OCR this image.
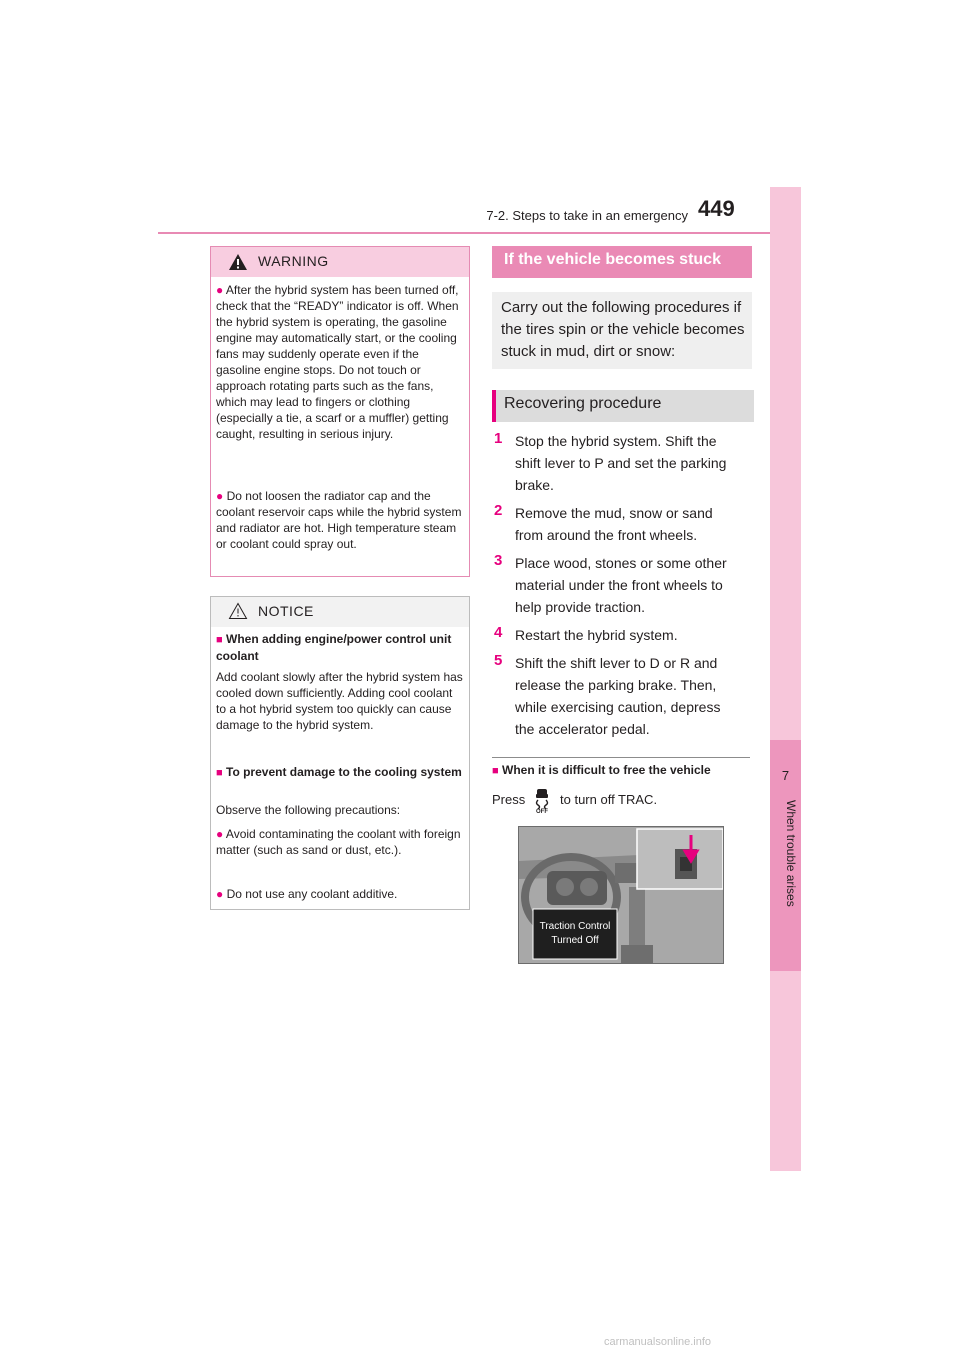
7-2. Steps to take in an emergency 449
7
When trouble arises
WARNING
● After the hybrid system has been turned off, check that the “READY” indicator is off. When the hybrid system is operating, the gasoline engine may automatically start, or the cooling fans may suddenly operate even if the gasoline engine stops. Do not touch or approach rotating parts such as the fans, which may lead to fingers or clothing (especially a tie, a scarf or a muffler) getting caught, resulting in serious injury.
● Do not loosen the radiator cap and the coolant reservoir caps while the hybrid system and radiator are hot. High temperature steam or coolant could spray out.
NOTICE
■ When adding engine/power control unit coolant
Add coolant slowly after the hybrid system has cooled down sufficiently. Adding cool coolant to a hot hybrid system too quickly can cause damage to the hybrid system.
■ To prevent damage to the cooling system
Observe the following precautions:
● Avoid contaminating the coolant with foreign matter (such as sand or dust, etc.).
● Do not use any coolant additive.
If the vehicle becomes stuck
Carry out the following procedures if the tires spin or the vehicle becomes stuck in mud, dirt or snow:
Recovering procedure
1 Stop the hybrid system. Shift the shift lever to P and set the parking brake.
2 Remove the mud, snow or sand from around the front wheels.
3 Place wood, stones or some other material under the front wheels to help provide traction.
4 Restart the hybrid system.
5 Shift the shift lever to D or R and release the parking brake. Then, while exercising caution, depress the accelerator pedal.
■ When it is difficult to free the vehicle
Press
OFF
to turn off TRAC.
Traction Control
Turned Off
carmanualsonline.info
